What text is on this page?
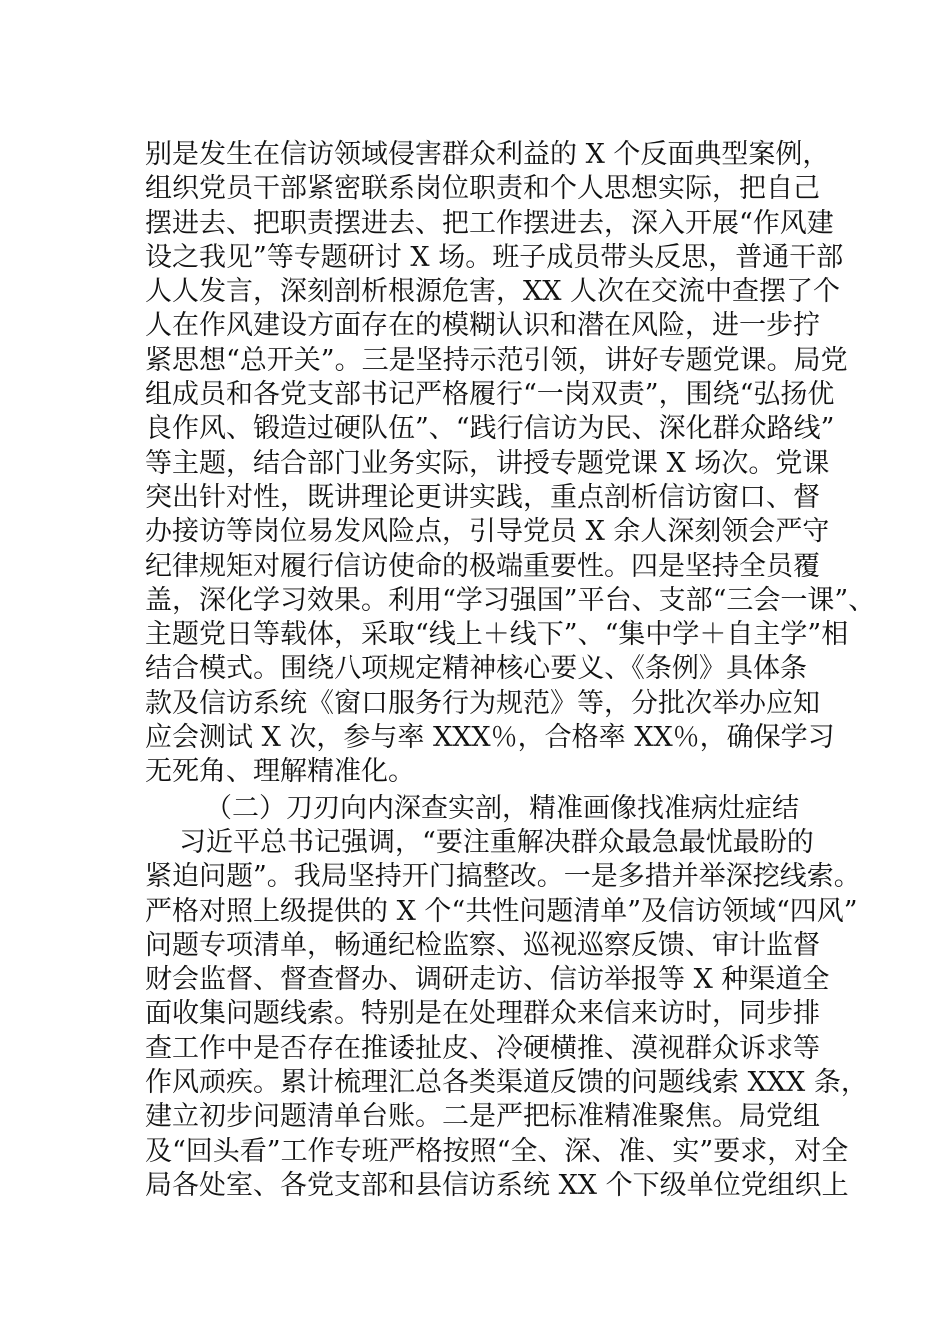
别是发生在信访领域侵害群众利益的 X 个反面典型案例，
组织党员干部紧密联系岗位职责和个人思想实际，把自己
摆进去、把职责摆进去、把工作摆进去，深入开展“作风建
设之我见”等专题研讨 X 场。班子成员带头反思，普通干部
人人发言，深刻剖析根源危害，XX 人次在交流中查摆了个
人在作风建设方面存在的模糊认识和潜在风险，进一步拧
紧思想“总开关”。三是坚持示范引领，讲好专题党课。局党
组成员和各党支部书记严格履行“一岗双责”，围绕“弘扬优
良作风、锻造过硬队伍”、“践行信访为民、深化群众路线”
等主题，结合部门业务实际，讲授专题党课 X 场次。党课
突出针对性，既讲理论更讲实践，重点剖析信访窗口、督
办接访等岗位易发风险点，引导党员 X 余人深刻领会严守
纪律规矩对履行信访使命的极端重要性。四是坚持全员覆
盖，深化学习效果。利用“学习强国”平台、支部“三会一课”、
主题党日等载体，采取“线上＋线下”、“集中学＋自主学”相
结合模式。围绕八项规定精神核心要义、《条例》具体条
款及信访系统《窗口服务行为规范》等，分批次举办应知
应会测试 X 次，参与率 XXX％，合格率 XX％，确保学习
无死角、理解精准化。
（二）刀刃向内深查实剖，精准画像找准病灶症结
习近平总书记强调，“要注重解决群众最急最忧最盼的
紧迫问题”。我局坚持开门搞整改。一是多措并举深挖线索。
严格对照上级提供的 X 个“共性问题清单”及信访领域“四风”
问题专项清单，畅通纪检监察、巡视巡察反馈、审计监督
财会监督、督查督办、调研走访、信访举报等 X 种渠道全
面收集问题线索。特别是在处理群众来信来访时，同步排
查工作中是否存在推诿扯皮、冷硬横推、漠视群众诉求等
作风顽疾。累计梳理汇总各类渠道反馈的问题线索 XXX 条，
建立初步问题清单台账。二是严把标准精准聚焦。局党组
及“回头看”工作专班严格按照“全、深、准、实”要求，对全
局各处室、各党支部和县信访系统 XX 个下级单位党组织上
